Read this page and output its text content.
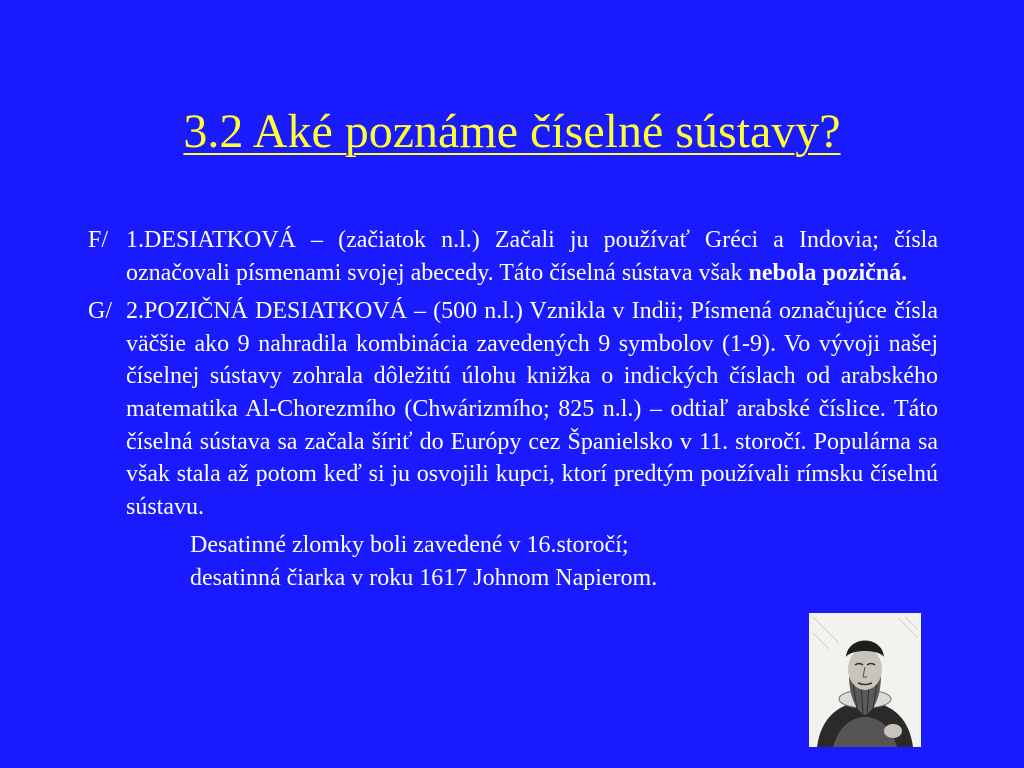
3.2 Aké poznáme číselné sústavy?

F/ 1.DESIATKOVÁ – (začiatok n.l.) Začali ju používať Gréci a Indovia; čísla označovali písmenami svojej abecedy. Táto číselná sústava však nebola pozičná.

G/ 2.POZIČNÁ DESIATKOVÁ – (500 n.l.) Vznikla v Indii; Písmená označujúce čísla väčšie ako 9 nahradila kombinácia zavedených 9 symbolov (1-9). Vo vývoji našej číselnej sústavy zohrala dôležitú úlohu knižka o indických číslach od arabského matematika Al-Chorezmího (Chwárizmího; 825 n.l.) – odtiaľ arabské číslice. Táto číselná sústava sa začala šíriť do Európy cez Španielsko v 11. storočí. Populárna sa však stala až potom keď si ju osvojili kupci, ktorí predtým používali rímsku číselnú sústavu.

Desatinné zlomky boli zavedené v 16.storočí;

desatinná čiarka v roku 1617 Johnom Napierom.
